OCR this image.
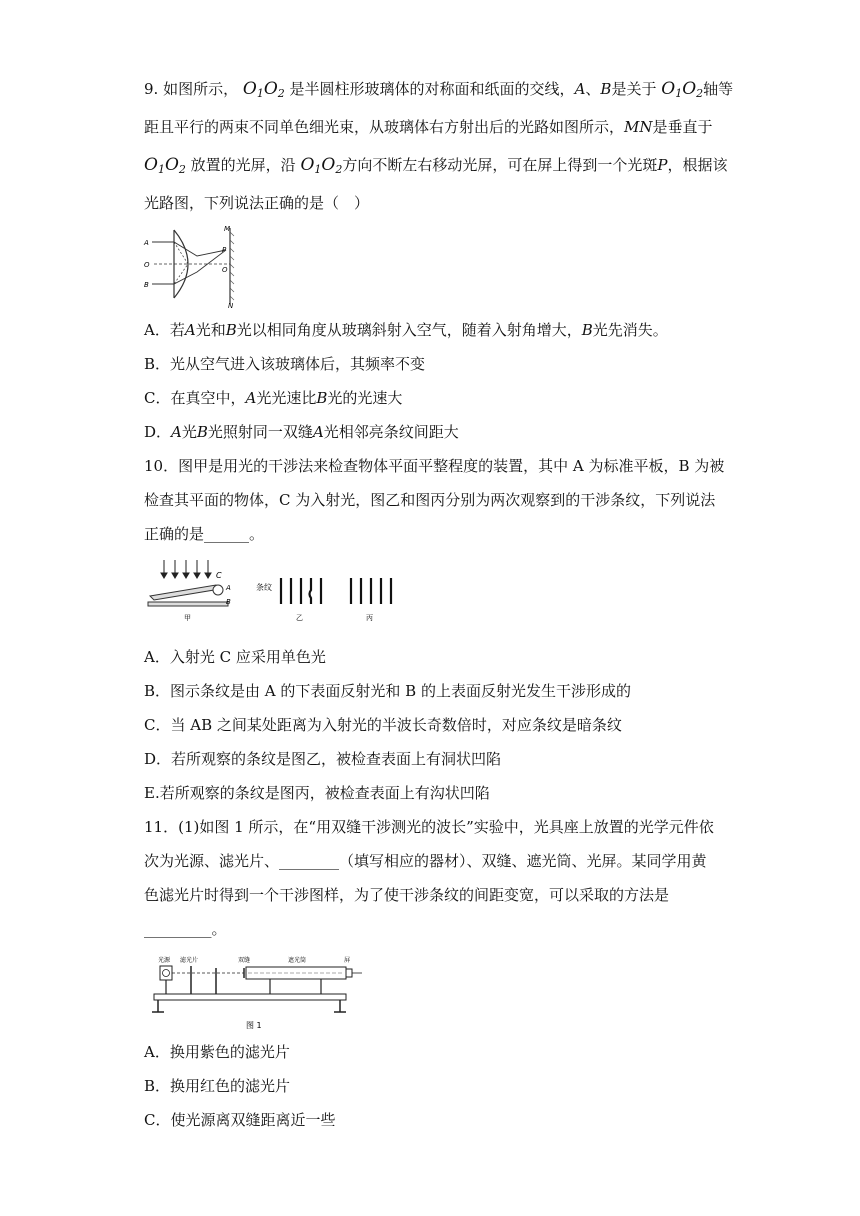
9. 如图所示， $O_1O_2$ 是半圆柱形玻璃体的对称面和纸面的交线，A、B是关于 $O_1O_2$轴等
距且平行的两束不同单色细光束，从玻璃体右方射出后的光路如图所示，MN是垂直于
$O_1O_2$ 放置的光屏，沿 $O_1O_2$方向不断左右移动光屏，可在屏上得到一个光斑P，根据该
光路图，下列说法正确的是（　）
A
B
O
M
N
P
O
A．若A光和B光以相同角度从玻璃斜射入空气，随着入射角增大，B光先消失。
B．光从空气进入该玻璃体后，其频率不变
C．在真空中，A光光速比B光的光速大
D．A光B光照射同一双缝A光相邻亮条纹间距大
10．图甲是用光的干涉法来检查物体平面平整程度的装置，其中 A 为标准平板，B 为被
检查其平面的物体，C 为入射光，图乙和图丙分别为两次观察到的干涉条纹，下列说法
正确的是______。
C
A
B
甲
条纹
乙	丙
A．入射光 C 应采用单色光
B．图示条纹是由 A 的下表面反射光和 B 的上表面反射光发生干涉形成的
C．当 AB 之间某处距离为入射光的半波长奇数倍时，对应条纹是暗条纹
D．若所观察的条纹是图乙，被检查表面上有洞状凹陷
E.若所观察的条纹是图丙，被检查表面上有沟状凹陷
11．(1)如图 1 所示，在“用双缝干涉测光的波长”实验中，光具座上放置的光学元件依
次为光源、滤光片、________（填写相应的器材）、双缝、遮光筒、光屏。某同学用黄
色滤光片时得到一个干涉图样，为了使干涉条纹的间距变宽，可以采取的方法是
_________。
光源 滤光片	双缝	遮光筒	屏
图 1
A．换用紫色的滤光片
B．换用红色的滤光片
C．使光源离双缝距离近一些
